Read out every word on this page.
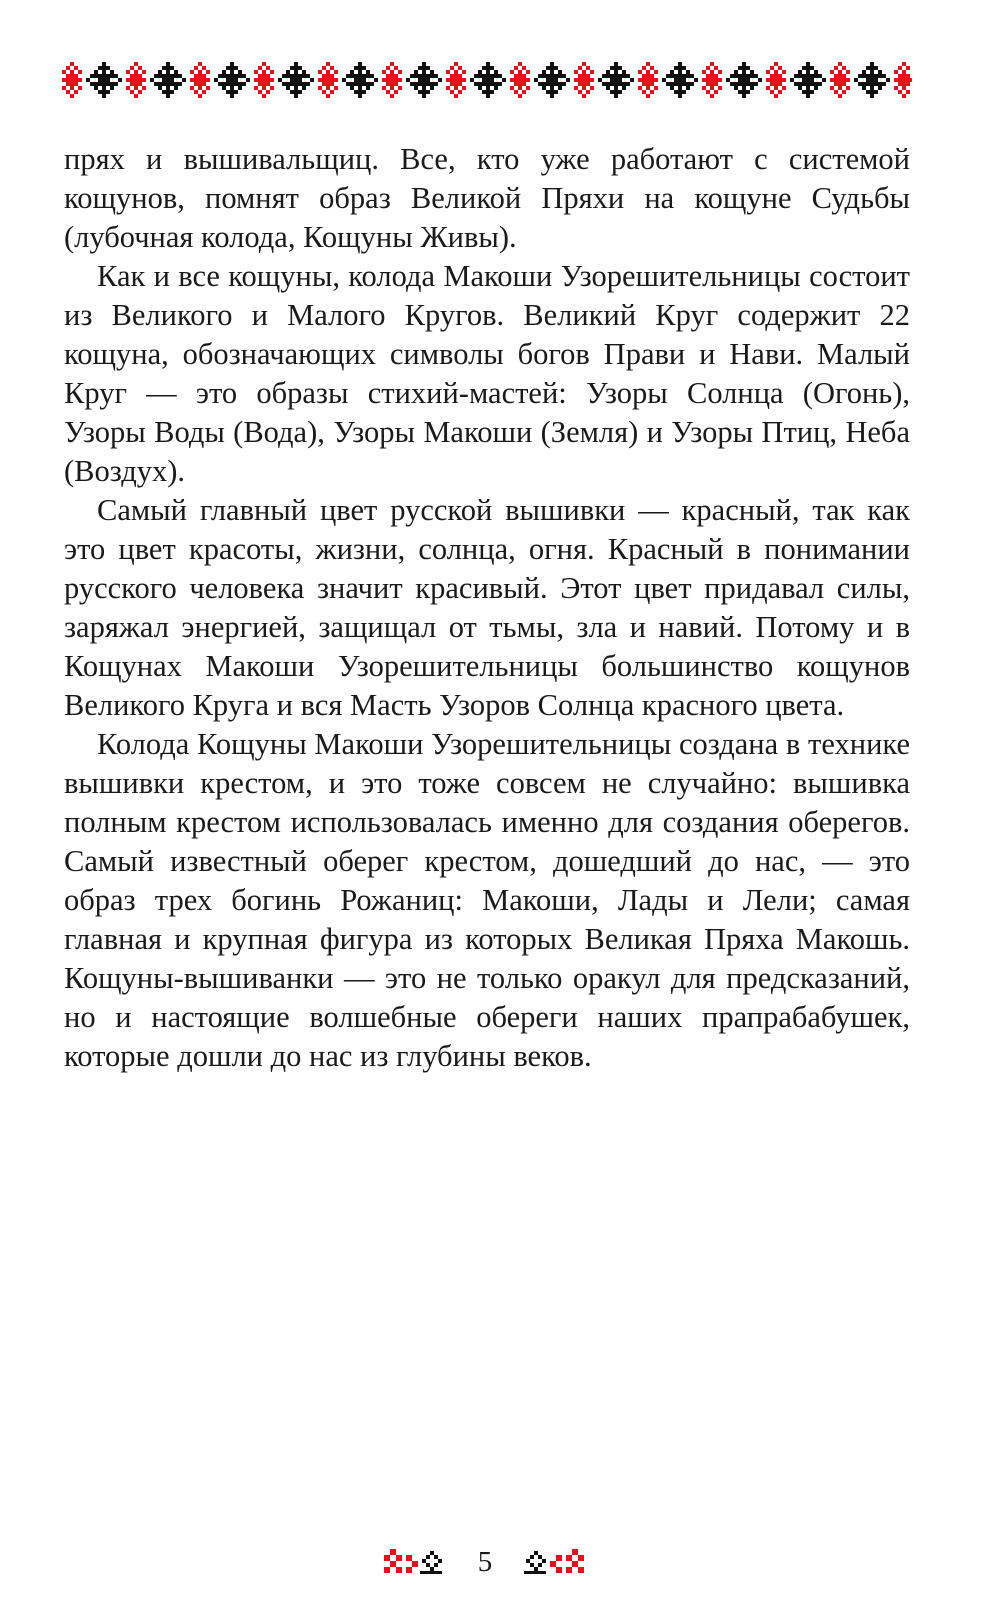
прях и вышивальщиц. Все, кто уже работают с системой кощунов, помнят образ Великой Пряхи на кощуне Судьбы (лубочная колода, Кощуны Живы).

Как и все кощуны, колода Макоши Узорешительницы состоит из Великого и Малого Кругов. Великий Круг содержит 22 кощуна, обозначающих символы богов Прави и Нави. Малый Круг — это образы стихий-мастей: Узоры Солнца (Огонь), Узоры Воды (Вода), Узоры Макоши (Земля) и Узоры Птиц, Неба (Воздух).

Самый главный цвет русской вышивки — красный, так как это цвет красоты, жизни, солнца, огня. Красный в понимании русского человека значит красивый. Этот цвет придавал силы, заряжал энергией, защищал от тьмы, зла и навий. Потому и в Кощунах Макоши Узорешительницы большинство кощунов Великого Круга и вся Масть Узоров Солнца красного цвета.

Колода Кощуны Макоши Узорешительницы создана в технике вышивки крестом, и это тоже совсем не случайно: вышивка полным крестом использовалась именно для создания оберегов. Самый известный оберег крестом, дошедший до нас, — это образ трех богинь Рожаниц: Макоши, Лады и Лели; самая главная и крупная фигура из которых Великая Пряха Макошь. Кощуны-вышиванки — это не только оракул для предсказаний, но и настоящие волшебные обереги наших прапрабабушек, которые дошли до нас из глубины веков.

5
